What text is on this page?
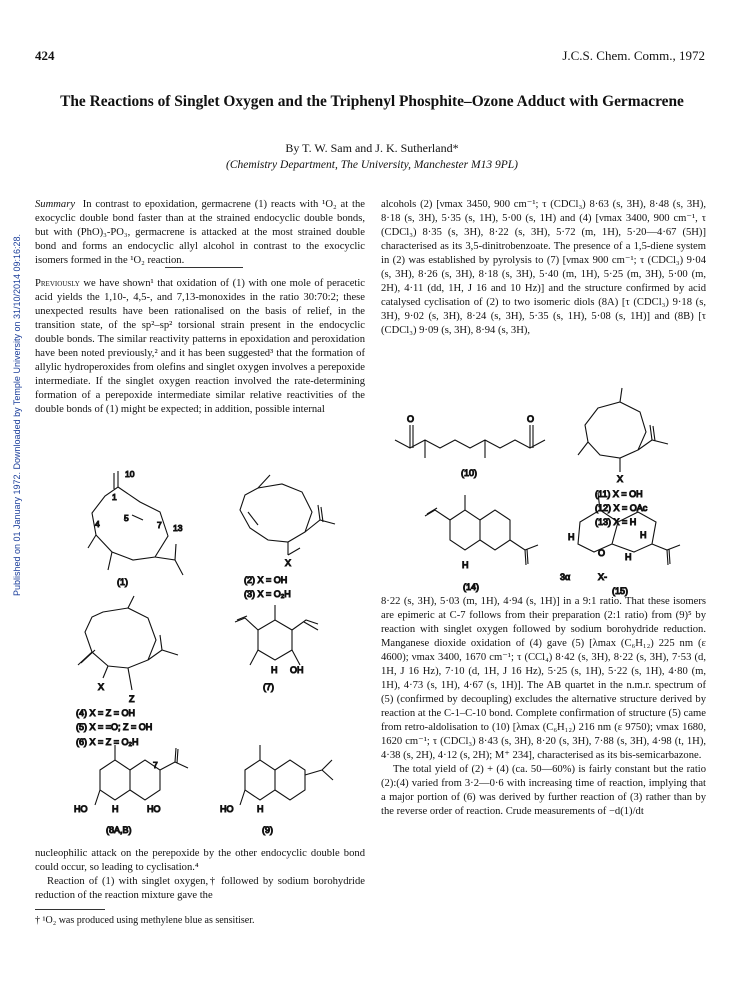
Published on 01 January 1972. Downloaded by Temple University on 31/10/2014 09:16:28.
424	J.C.S. Chem. Comm., 1972
The Reactions of Singlet Oxygen and the Triphenyl Phosphite–Ozone Adduct with Germacrene
By T. W. Sam and J. K. Sutherland*
(Chemistry Department, The University, Manchester M13 9PL)
Summary In contrast to epoxidation, germacrene (1) reacts with ¹O₂ at the exocyclic double bond faster than at the strained endocyclic double bonds, but with (PhO)₃-PO₃, germacrene is attacked at the most strained double bond and forms an endocyclic allyl alcohol in contrast to the exocyclic isomers formed in the ¹O₂ reaction.
Previously we have shown¹ that oxidation of (1) with one mole of peracetic acid yields the 1,10-, 4,5-, and 7,13-monoxides in the ratio 30:70:2; these unexpected results have been rationalised on the basis of relief, in the transition state, of the sp²–sp² torsional strain present in the endocyclic double bonds. The similar reactivity patterns in epoxidation and peroxidation have been noted previously,² and it has been suggested³ that the formation of allylic hydroperoxides from olefins and singlet oxygen involves a perepoxide intermediate. If the singlet oxygen reaction involved the rate-determining formation of a perepoxide intermediate similar relative reactivities of the double bonds of (1) might be expected; in addition, possible internal
alcohols (2) [νmax 3450, 900 cm⁻¹; τ (CDCl₃) 8·63 (s, 3H), 8·48 (s, 3H), 8·18 (s, 3H), 5·35 (s, 1H), 5·00 (s, 1H) and (4) [νmax 3400, 900 cm⁻¹, τ (CDCl₃) 8·35 (s, 3H), 8·22 (s, 3H), 5·72 (m, 1H), 5·20—4·67 (5H)] characterised as its 3,5-dinitrobenzoate. The presence of a 1,5-diene system in (2) was established by pyrolysis to (7) [νmax 900 cm⁻¹; τ (CDCl₃) 9·04 (s, 3H), 8·26 (s, 3H), 8·18 (s, 3H), 5·40 (m, 1H), 5·25 (m, 3H), 5·00 (m, 2H), 4·11 (dd, 1H, J 16 and 10 Hz)] and the structure confirmed by acid catalysed cyclisation of (2) to two isomeric diols (8A) [τ (CDCl₃) 9·18 (s, 3H), 9·02 (s, 3H), 8·24 (s, 3H), 5·35 (s, 1H), 5·08 (s, 1H)] and (8B) [τ (CDCl₃) 9·09 (s, 3H), 8·94 (s, 3H),
8·22 (s, 3H), 5·03 (m, 1H), 4·94 (s, 1H)] in a 9:1 ratio. That these isomers are epimeric at C-7 follows from their preparation (2:1 ratio) from (9)⁵ by reaction with singlet oxygen followed by sodium borohydride reduction. Manganese dioxide oxidation of (4) gave (5) [λmax (C₆H₁₂) 225 nm (ε 4600); νmax 3400, 1670 cm⁻¹; τ (CCl₄) 8·42 (s, 3H), 8·22 (s, 3H), 7·53 (d, 1H, J 16 Hz), 7·10 (d, 1H, J 16 Hz), 5·25 (s, 1H), 5·22 (s, 1H), 4·80 (m, 1H), 4·73 (s, 1H), 4·67 (s, 1H)]. The AB quartet in the n.m.r. spectrum of (5) (confirmed by decoupling) excludes the alternative structure derived by reaction at the C-1–C-10 bond. Complete confirmation of structure (5) came from retro-aldolisation to (10) [λmax (C₆H₁₂) 216 nm (ε 9750); νmax 1680, 1620 cm⁻¹; τ (CDCl₃) 8·43 (s, 3H), 8·20 (s, 3H), 7·88 (s, 3H), 4·98 (t, 1H), 4·38 (s, 2H), 4·12 (s, 2H); M⁺ 234], characterised as its bis-semicarbazone.
The total yield of (2) + (4) (ca. 50—60%) is fairly constant but the ratio (2):(4) varied from 3·2—0·6 with increasing time of reaction, implying that a major portion of (6) was derived by further reaction of (3) rather than by the reverse order of reaction. Crude measurements of −d(1)/dt
nucleophilic attack on the perepoxide by the other endocyclic double bond could occur, so leading to cyclisation.⁴
Reaction of (1) with singlet oxygen,† followed by sodium borohydride reduction of the reaction mixture gave the
† ¹O₂ was produced using methylene blue as sensitiser.
10
1
4
5
7 13
(1)
X
(2) X = OH
(3) X = O₂H
X
Z
(4) X = Z = OH
(5) X = =O; Z = OH
(6) X = Z = O₂H
H OH
(7)
HO	H	HO
7
(8A,B)
HO	H
(9)
O	O
(10)
X
(11) X = OH
(12) X = OAc
(13) X = H
H
(14)
H	H
O H
3α	X-
(15)
